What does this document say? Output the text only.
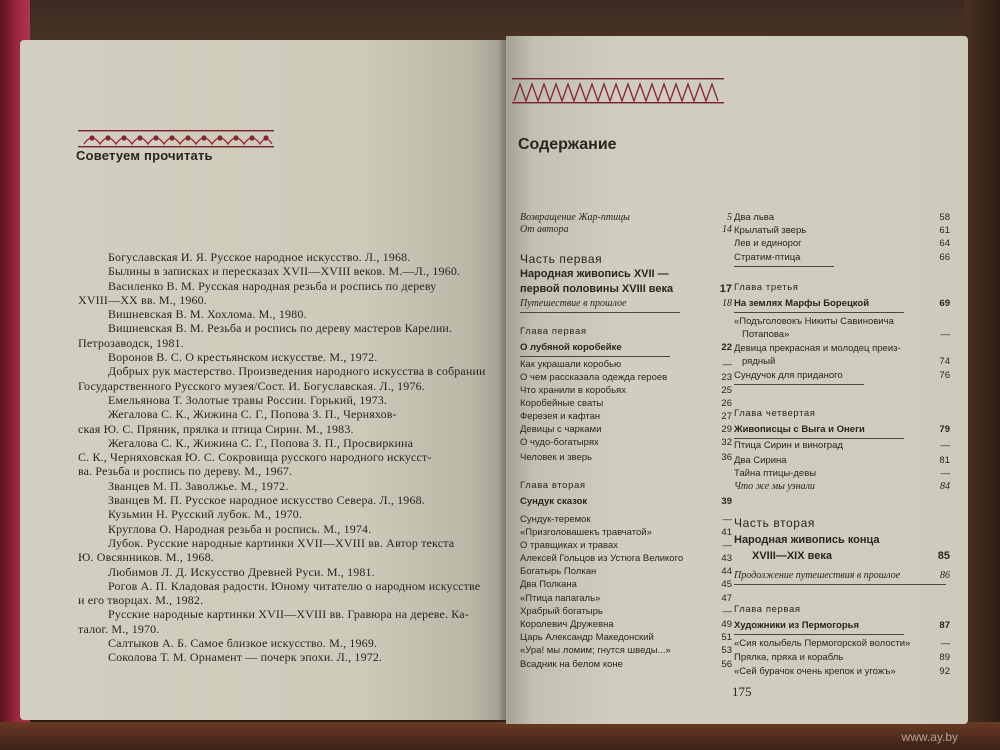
Советуем прочитать
Богуславская И. Я. Русское народное искусство. Л., 1968.
Былины в записках и пересказах XVII—XVIII веков. М.—Л., 1960.
Василенко В. М. Русская народная резьба и роспись по дереву
XVIII—XX вв. М., 1960.
Вишневская В. М. Хохлома. М., 1980.
Вишневская В. М. Резьба и роспись по дереву мастеров Карелии.
Петрозаводск, 1981.
Воронов В. С. О крестьянском искусстве. М., 1972.
Добрых рук мастерство. Произведения народного искусства в собрании
Государственного Русского музея/Сост. И. Богуславская. Л., 1976.
Емельянова Т. Золотые травы России. Горький, 1973.
Жегалова С. К., Жижина С. Г., Попова З. П., Черняхов-
ская Ю. С. Пряник, прялка и птица Сирин. М., 1983.
Жегалова С. К., Жижина С. Г., Попова З. П., Просвиркина
С. К., Черняховская Ю. С. Сокровища русского народного искусст-
ва. Резьба и роспись по дереву. М., 1967.
Званцев М. П. Заволжье. М., 1972.
Званцев М. П. Русское народное искусство Севера. Л., 1968.
Кузьмин Н. Русский лубок. М., 1970.
Круглова О. Народная резьба и роспись. М., 1974.
Лубок. Русские народные картинки XVII—XVIII вв. Автор текста
Ю. Овсянников. М., 1968.
Любимов Л. Д. Искусство Древней Руси. М., 1981.
Рогов А. П. Кладовая радости. Юному читателю о народном искусстве
и его творцах. М., 1982.
Русские народные картинки XVII—XVIII вв. Гравюра на дереве. Ка-
талог. М., 1970.
Салтыков А. Б. Самое близкое искусство. М., 1969.
Соколова Т. М. Орнамент — почерк эпохи. Л., 1972.
Содержание
Возвращение Жар-птицы	5
От автора	14
Часть первая
Народная живопись XVII —
первой половины XVIII века	17
Путешествие в прошлое	18
Глава первая
О лубяной коробейке	22
Как украшали коробью	—
О чем рассказала одежда героев	23
Что хранили в коробьях	25
Коробейные сваты	26
Ферезея и кафтан	27
Девицы с чарками	29
О чудо-богатырях	32
Человек и зверь	36
Глава вторая
Сундук сказок	39
Сундук-теремок	—
«Призголовашекъ травчатой»	41
О травщиках и травах	—
Алексей Гольцов из Устюга Великого	43
Богатырь Полкан	44
Два Полкана	45
«Птица папагаль»	47
Храбрый богатырь	—
Королевич Дружевна	49
Царь Александр Македонский	51
«Ура! мы ломим; гнутся шведы...»	53
Всадник на белом коне	56
Два льва	58
Крылатый зверь	61
Лев и единорог	64
Стратим-птица	66
Глава третья
На землях Марфы Борецкой	69
«Подъголовокъ Никиты Савиновича
Потапова»	—
Девица прекрасная и молодец преиз-
рядный	74
Сундучок для приданого	76
Глава четвертая
Живописцы с Выга и Онеги	79
Птица Сирин и виноград	—
Два Сирина	81
Тайна птицы-девы	—
Что же мы узнали	84
Часть вторая
Народная живопись конца
XVIII—XIX века	85
Продолжение путешествия в прошлое	86
Глава первая
Художники из Пермогорья	87
«Сия колыбель Пермогорской волости»	—
Прялка, пряха и корабль	89
«Сей бурачок очень крепок и угожъ»	92
175
www.ay.by
